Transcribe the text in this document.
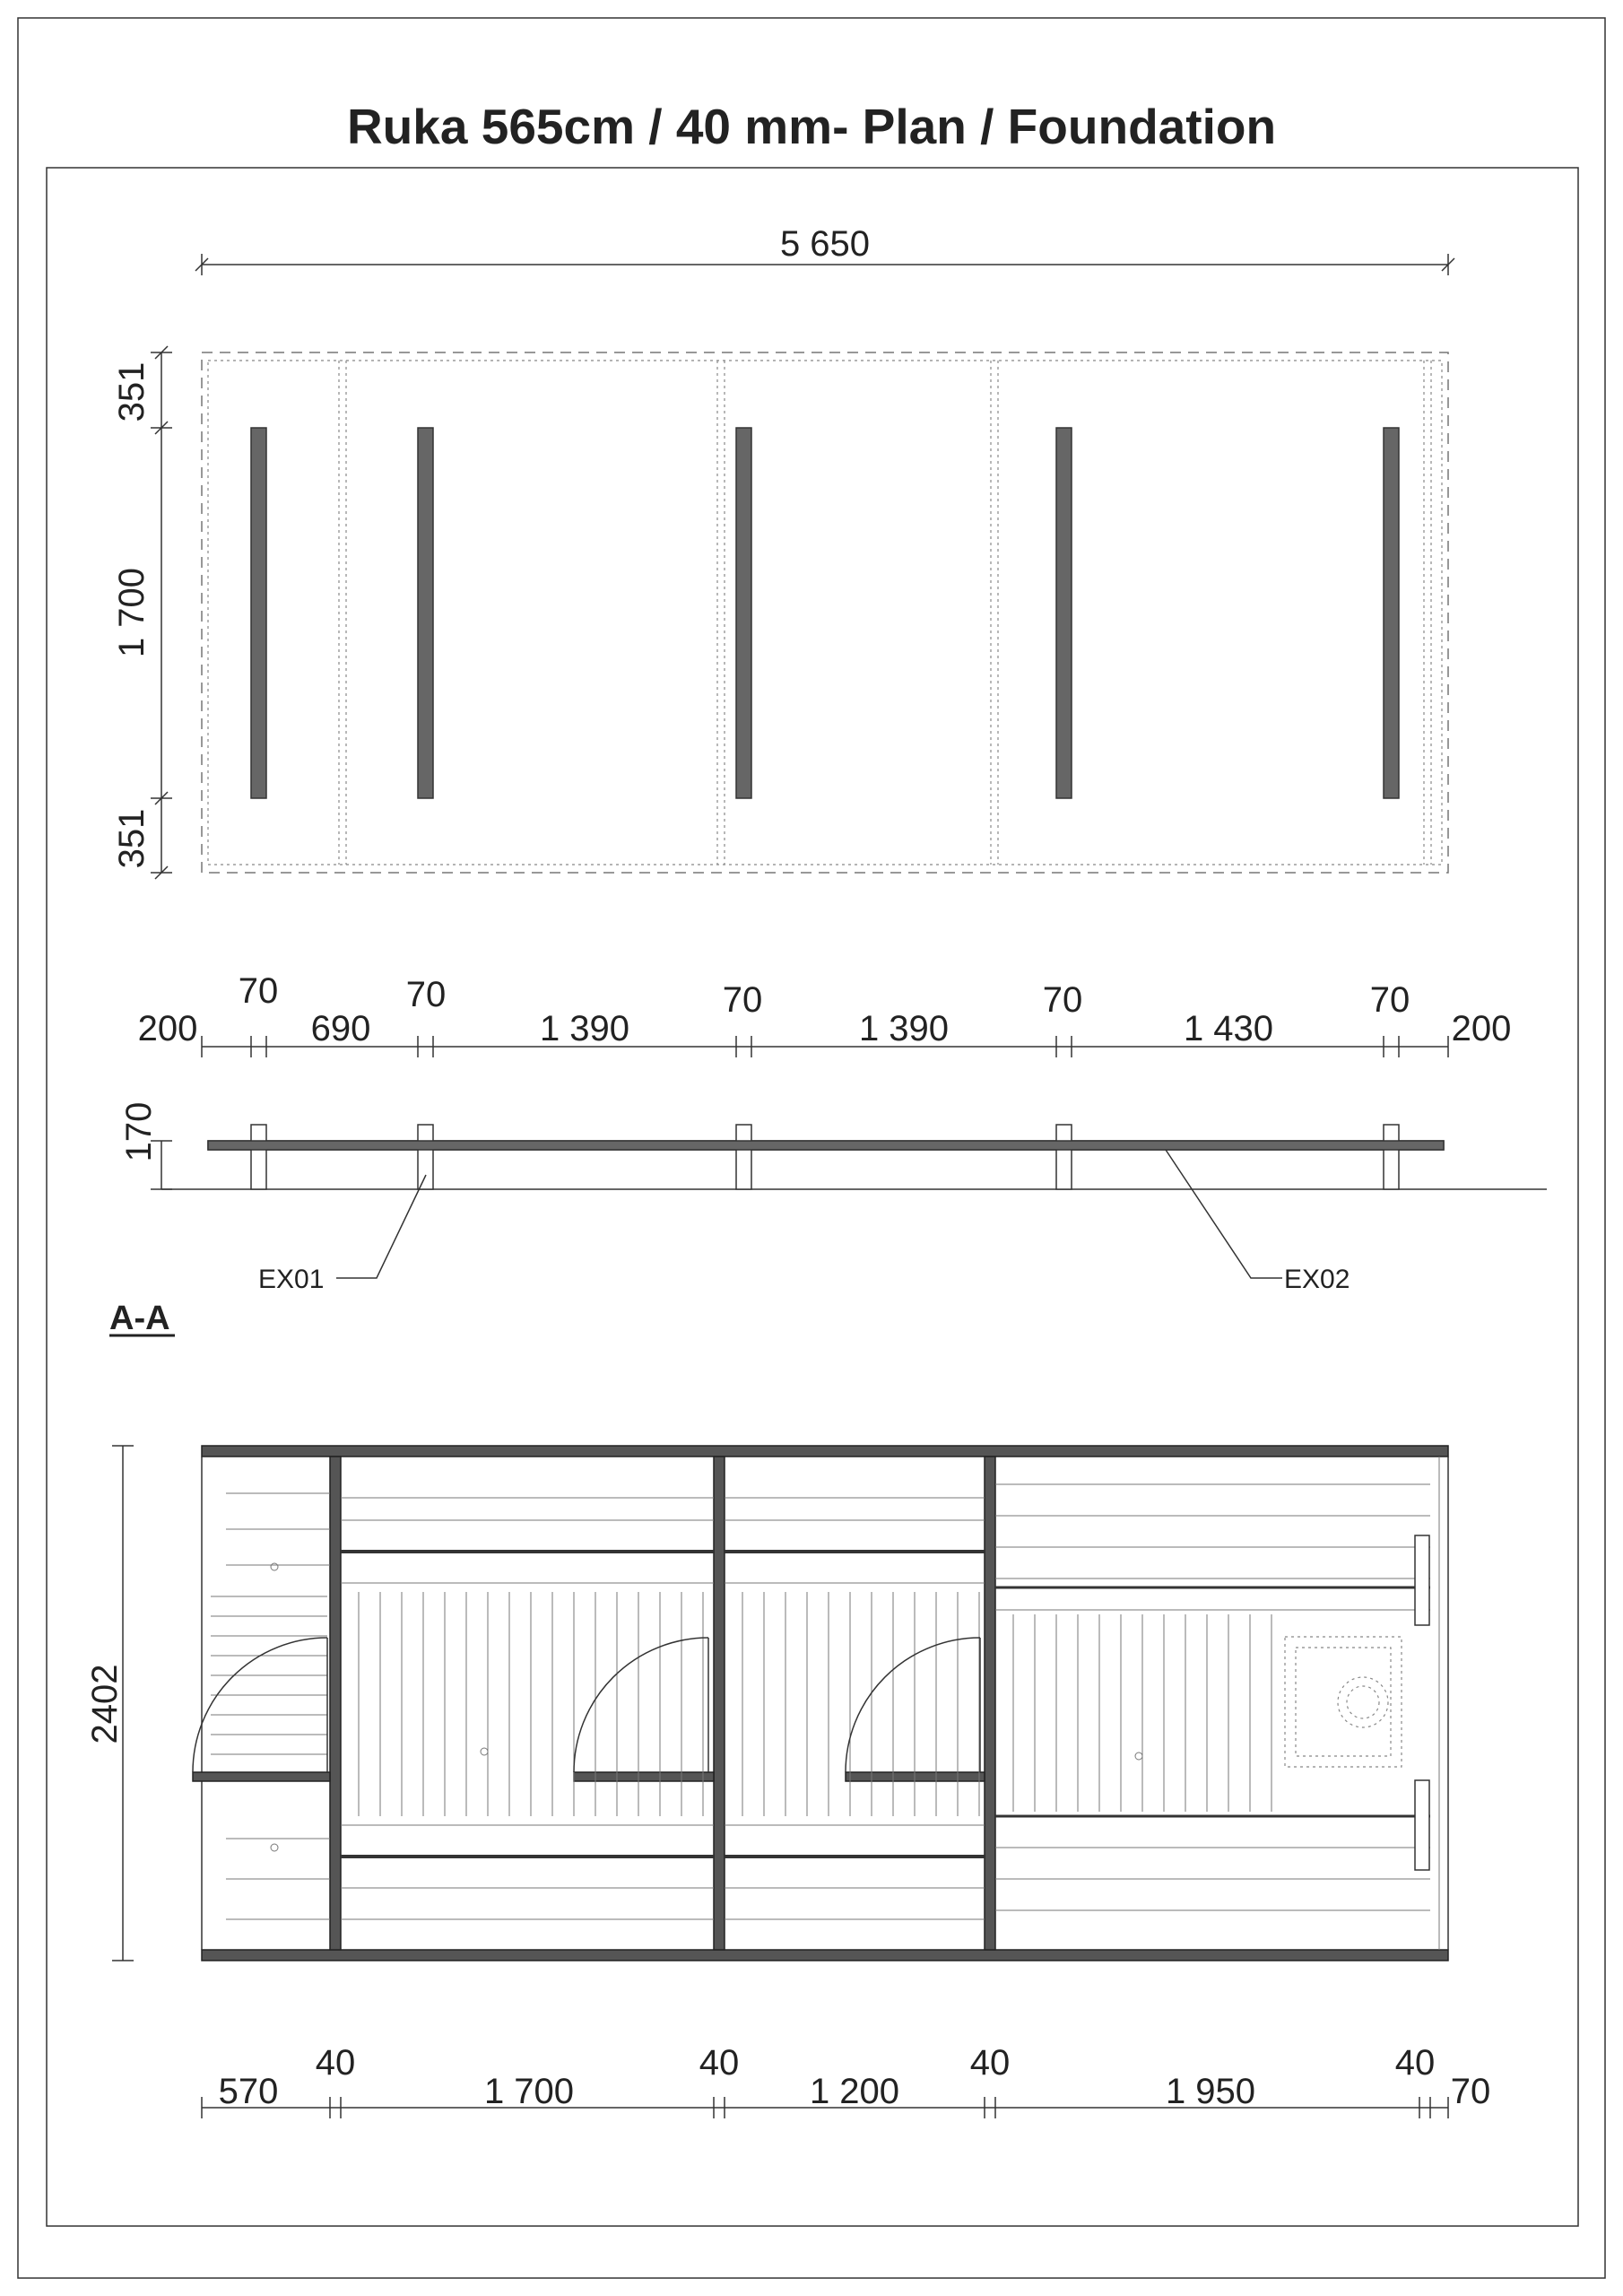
Ruka 565cm / 40 mm- Plan / Foundation
5 650
351
1 700
351
70	70	70	70	70
200	690	1 390	1 390	1 430	200
170
EX01	EX02
A-A
2402
40	40	40	40
570	1 700	1 200	1 950	70
